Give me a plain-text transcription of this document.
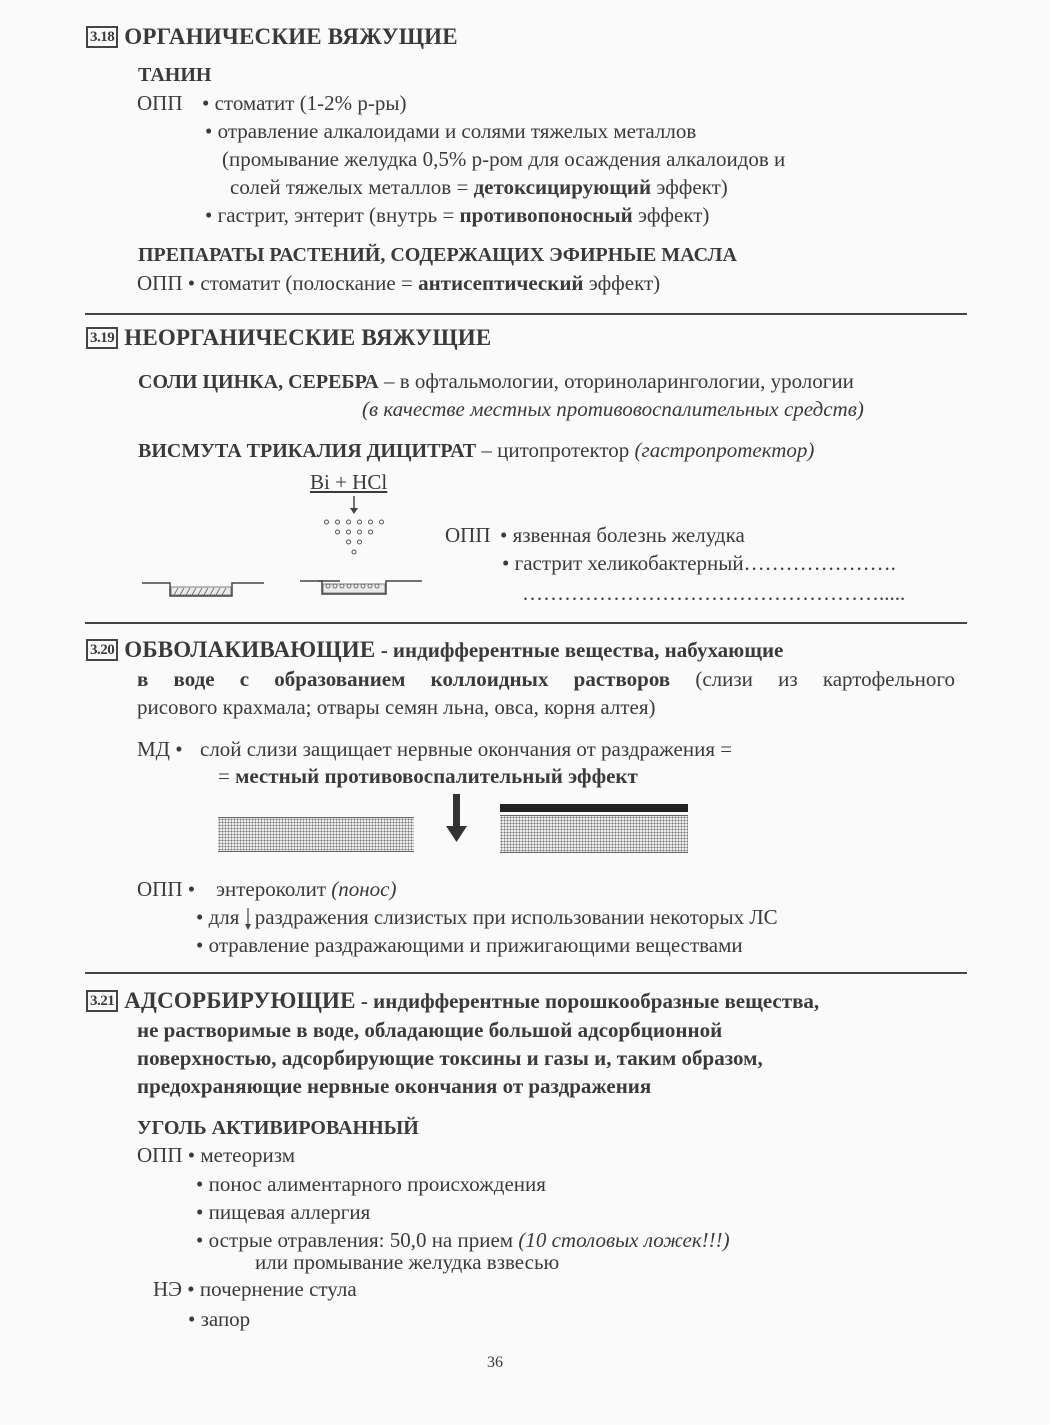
3.18 ОРГАНИЧЕСКИЕ ВЯЖУЩИЕ
ТАНИН
ОПП • стоматит (1-2% р-ры)
• отравление алкалоидами и солями тяжелых металлов
(промывание желудка 0,5% р-ром для осаждения алкалоидов и
солей тяжелых металлов = детоксицирующий эффект)
• гастрит, энтерит (внутрь = противопоносный эффект)
ПРЕПАРАТЫ РАСТЕНИЙ, СОДЕРЖАЩИХ ЭФИРНЫЕ МАСЛА
ОПП • стоматит (полоскание = антисептический эффект)
3.19 НЕОРГАНИЧЕСКИЕ ВЯЖУЩИЕ
СОЛИ ЦИНКА, СЕРЕБРА – в офтальмологии, оториноларингологии, урологии
(в качестве местных противовоспалительных средств)
ВИСМУТА ТРИКАЛИЯ ДИЦИТРАТ – цитопротектор (гастропротектор)
Bi + HCl
ОПП • язвенная болезнь желудка
• гастрит хеликобактерный………………….
…………………………………………….....
3.20 ОБВОЛАКИВАЮЩИЕ - индифферентные вещества, набухающие
в воде с образованием коллоидных растворов (слизи из картофельного
рисового крахмала; отвары семян льна, овса, корня алтея)
МД • слой слизи защищает нервные окончания от раздражения =
= местный противовоспалительный эффект
ОПП • энтероколит (понос)
• для
раздражения слизистых при использовании некоторых ЛС
• отравление раздражающими и прижигающими веществами
3.21 АДСОРБИРУЮЩИЕ - индифферентные порошкообразные вещества,
не растворимые в воде, обладающие большой адсорбционной
поверхностью, адсорбирующие токсины и газы и, таким образом,
предохраняющие нервные окончания от раздражения
УГОЛЬ АКТИВИРОВАННЫЙ
ОПП • метеоризм
• понос алиментарного происхождения
• пищевая аллергия
• острые отравления: 50,0 на прием (10 столовых ложек!!!)
или промывание желудка взвесью
НЭ • почернение стула
• запор
36
